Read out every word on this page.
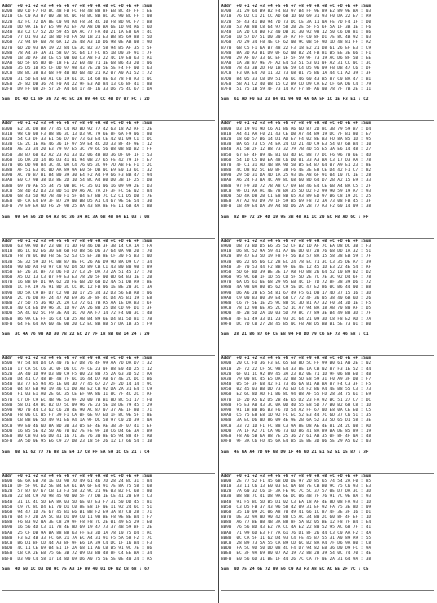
Addr  +0 +1 +2 +3 +4 +5 +6 +7 +8 +9 +A +B +C +D +E +F :Sum
B200  B0 CD F7 FD 8C 48 FB FC FB 48 B8 8F EB 8C 4F FF : EE
B210  CE C0 A3 87 00 3B 8C 0C FB BC 8B 8C 3C 90 BC FF : 08
B220  42 FC 72 DA 8E C0 94 A4 F8 34 4C 10 F8 8D 9C F7 : B8
B230  DD 9A 1E 67 E5 99 A1 EF 70 A8 D0 BA 6E 1D 94 A6 : 6D
B240  83 C2 C7 52 2D 59 45 DA AC 77 FA 40 21 1A E8 6A : 4C
B250  77 D1 93 32 1B 8D FD FA 50 1B 21 E3 BB 85 69 88 : 5D
B260  72 94 0F 6B 78 6A 12 2E 48 A3 1D D6 98 0E AB 08 : 9D
B270  6D 2D 93 BA 19 22 84 CE 3C 82 37 58 94 B5 AF 35 : 5F
B280  78 A4 3F 3A 31 58 07 5C 64 17 FC 85 1B D0 3F 91 : 7F
B290  1B 3D AF 38 CE C5 0B 60 C3 A8 F3 22 4C 19 E0 63 : A1
B2A0  6D 5F 05 8D 0F 18 FE 22 E0 40 71 1E 68 B6 43 20 : 06
B2B0  35 D5 10 A5 CF DD 97 98 43 7E 20 5E 5E F4 FF 00 : 63
B2C0  D8 BC 38 03 68 F9 40 8D 6B 4D 21 A2 07 A0 A1 52 : 72
B2D0  31 5D E4 E0 A1 C6 19 61 1C 14 68 8E 63 78 F8 A3 : 0C
B2E0  2F 82 DB 36 74 F0 A4 22 9F E3 AD 84 13 C6 BF 41 : 8B
B2F0  D9 FF 08 2F 57 2F A4 64 17 4F 16 33 D6 75 4C 67 : DA
Sum  DC 4D C1 BF 36 72 4C 5C 2A 09 44 CC 40 D7 07 FC : 2D
Addr  +0 +1 +2 +3 +4 +5 +6 +7 +8 +9 +A +B +C +D +E +F :Sum
B300  E2 3C D8 B8 77 45 C4 AD BD 92 77 42 63 18 A2 AF : 2E
B310  98 C0 08 F3 88 86 3C 13 D3 9C 79 6E 8F 6A F9 06 : 80
B320  54 C3 DF 33 E1 56 D7 07 73 63 E4 CE 42 01 09 C1 : DC
B330  CE 2C 1E AE 46 36 1F 97 59 E4 4C 2D 33 8F 4F 9E : 12
B340  AE 23 34 20 E3 79 97 E5 3C 79 6C 56 08 0B 8D B2 : FF
B350  3B B7 60 42 A2 23 A1 33 D2 06 48 BD 36 DF 0F 1F : 53
B360  16 DA 2D 14 86 D3 41 81 94 0B 27 65 FE 42 79 1F : E7
B370  06 DD 98 84 3C 4C 0A C4 76 05 3C 9F 7D AB FE F1 : 2C
B380  AF 51 E3 4C 0D AA 89 9A E0 5F DB 0C E9 E0 13 6C : 32
B390  AC 70 B7 81 84 B0 39 30 E4 F2 A4 F9 66 F3 BB 47 : 94
B3A0  E0 C7 9B 38 D3 8E 2D 10 54 BC A4 B0 D0 3B 1F 25 : DB
B3B0  69 70 AE 55 34 75 0B BC FC 35 01 06 16 09 99 2E : D3
B3C0  58 4D 42 D3 23 BD 51 D9 A6 AC 7A 2F 3F FC 5E 02 : 84
B3D0  68 43 5D 9D 7B 40 F1 5F 04 E7 B0 7C C2 C1 D5 DB : 7E
B3E0  0F CA E4 E9 3F B7 29 0B BB D5 A1 C4 67 9E 5E 54 : 30
B3F0  79 E9 EA 6D F6 2F 98 25 8A 43 8A 8E FE 11 6B 4A : BB
Sum  99 54 56 2D 64 A3 6C 36 34 AC 3A 6B 48 84 E1 03 : 08
Addr  +0 +1 +2 +3 +4 +5 +6 +7 +8 +9 +A +B +C +D +E +F :Sum
B400  63 9A 9D B7 23 0B 71 3D F0 46 DB 3F 3B 14 CA 1A : FA
B410  86 1C 82 E6 30 E8 60 FD 88 56 D6 37 64 0A 9B 20 : 70
B420  F8 78 0C B0 FB 5E 52 53 C5 EF 3B 8E CF 30 F5 B3 : 0D
B430  5E 32 59 1D FC BB 87 8E FC 26 A6 D9 9D 8A D9 C7 : 34
B440  90 BD A4 F0 97 C8 92 D4 5D 89 CB C1 43 B0 B0 9B : 89
B450  EF 26 3C BF 73 D6 FD 27 C3 2F DA 73 2A 51 45 17 : 70
B460  A5 D2 13 C3 07 F9 E3 E3 78 20 5F 00 0D 64 B3 1E : 2B
B470  16 BB 0F D1 9A 62 2D FE 6B 2D 60 D2 4A 51 DB A9 : BE
B480  1C FA 19 7E 91 8D 3C CC 8C 12 FB 06 1E BE 20 3C : 3A
B490  DD 5A C9 BF D7 C2 98 10 17 25 34 32 D3 56 EB A8 : 06
B4A0  2C 76 D0 AF 24 47 AD E9 36 3F 8F 4C D4 A5 B1 19 : E8
B4B0  27 5D 75 36 9D 2C 2A C3 72 61 7B A5 AA 1E DA B3 : 6F
B4C0  40 C4 E6 D9 96 3C 1D 97 2A 26 88 25 D8 CD 9F D1 : 3F
B4D0  5A 4C 02 5C F9 3E A4 1C 70 AA F7 14 72 F4 00 3C : 4B
B4E0  86 9A CE FF 16 C4 CB 25 AB B4 89 6E D4 B1 5D 81 : 7B
B4F0  64 FE 64 AA 60 4E 00 20 C2 EC 8B 8B 57 DA 1B 35 : F9
Sum  3C 4A 76 90 AD 30 7B 22 EC 27 7F 18 8B 6B 14 24 : 29
Addr  +0 +1 +2 +3 +4 +5 +6 +7 +8 +9 +A +B +C +D +E +F :Sum
B500  97 54 84 D4 CA 40 76 E7 D8 76 4F 99 AA 7D DA D7 : 32
B510  17 CA 5C C6 3C 0F D6 CC 7F CE 23 0F 88 E0 4D 25 : 12
B520  3A 40 1D 99 D3 B0 C9 F5 00 23 80 75 2A 63 3D 52 : AA
B530  D4 41 C7 48 BF 48 7F 6C 16 44 D7 AB 67 4E 2C DC : B6
B540  B3 77 E5 94 A5 1E 04 3D 77 45 67 27 2F 2D 14 14 : 9C
B550  04 87 EB 90 19 46 C1 D0 AB E2 CB 92 DA 2A 31 E4 : C9
B560  F1 03 E1 A0 2E 6C 35 CE EF 9A 86 11 8C 7F 4C 2C : AF
B570  C7 DF C9 EC 4B 9E 53 9F 20 00 7B B1 8D 8C 51 17 : F0
B580  58 D1 4A 8C 82 D7 5C 09 96 7E 23 5E 18 DE 79 45 : 29
B590  9D 70 44 C3 62 C6 28 4E 90 AC 87 07 37 AE 1F 80 : 71
B5A0  F8 06 CC 05 F7 39 F1 CA 0F 6E 97 ED 1F 8C 9E 5F : 8E
B5B0  CB BB 0E 5D 49 91 E6 A4 1A 9F DC 58 97 C0 2D 39 : 0A
B5C0  99 E0 46 6D 8A 8D 30 33 05 EF 4E AE 3B 3F 07 41 : EF
B5D0  16 B5 5E 42 50 A6 70 02 7E FE 9F 18 C6 D4 6E 3A : B9
B5E0  80 CB 93 E6 D0 41 16 71 3E 76 30 8E 65 94 88 4F : AB
B5F0  3A 5D 0E 95 E6 C9 27 DB 23 18 5F 26 12 17 66 54 : 1B
Sum  0B 51 62 77 7E 08 1E E4 17 C8 FF 5A 59 1C C5 21 : C4
Addr  +0 +1 +2 +3 +4 +5 +6 +7 +8 +9 +A +B +C +D +E +F :Sum
B600  6E 6A EB 78 1E D3 98 7D 49 61 46 7D 28 24 BC 31 : 84
B610  DF 5F 9C D2 5E B4 EA 61 BA 6F E4 91 7E 8A 75 58 : 68
B620  57 87 07 67 CB 13 F3 58 32 9C 21 9E 03 B2 FC 68 : 80
B630  22 B4 C9 70 98 45 9D 00 5F 77 DB 1E CE 41 20 E9 : C3
B640  31 1C 4C 5D EA 8A 03 5D 6E 07 E3 F7 31 50 DD 45 : 81
B650  C9 7C 8C D4 E1 70 D1 C0 8E E8 1F 0E 11 92 24 6C : 51
B660  94 47 1D 7E 67 45 B1 E6 B1 BB F2 E9 3A 87 C0 28 : 71
B670  04 F7 20 2A 5C B3 D1 09 C0 11 98 BE F8 9E 8E B4 : F7
B680  F6 B3 92 0A 3E C8 29 9F F8 F8 7C 2E 01 49 E5 29 : E0
B690  16 56 4D C3 11 78 4E 8D 69 19 47 73 37 4B 59 BF : 2E
B6A0  25 CF DB 9A BA 88 B8 63 FF E3 3D 1A 78 10 75 D4 : AC
B6B0  F3 E2 4B 33 FC 6A 21 7A EC A4 31 91 F5 5A 58 F2 : 7C
B6C0  B6 D1 BF CD 44 A3 BF 9F E6 1A 39 C4 DC 1F 16 B4 : F3
B6D0  4C 11 CE 69 04 E1 1F 2A 68 11 A6 CB B5 91 9C 7E : 86
B6E0  CB CA 2E EB 75 6E 3B 72 09 D3 B0 48 8F C4 EE BA : 34
B6F0  D3 90 C4 58 17 14 8D 69 D6 A0 75 5E 5E 0E 40 24 : A5
Sum  4D 50 1C D3 DB 9C 75 A3 1F 89 40 01 DF 02 C8 68 : 67
Addr  +0 +1 +2 +3 +4 +5 +6 +7 +8 +9 +A +B +C +D +E +F :Sum
B700  31 29 64 B9 82 F4 B3 97 B4 FF 9E 89 E2 89 9E BA : 03
B710  76 D2 C1 21 CC AD 6B 1D 60 69 31 93 F0 DA 22 E7 : A9
B720  5F 43 41 B0 94 7D 73 DC CE 3A 11 0A FE 7D F4 1F : D0
B730  53 A8 80 C8 64 97 58 2B 2E 5F F5 6F 5A 1F 3B 1E : F6
B740  1A 2D C4 B0 F2 40 DB 1C 30 92 98 12 50 C6 D8 81 : 86
B750  10 57 D7 51 D0 30 3F A7 FF C0 8F D1 7E 8C 4B 92 : 03
B760  7D 29 34 FB 4E CF 62 0B 9C 0B 5F 9D 1D 48 81 FF : A2
B770  6B C5 F1 6A B7 48 22 F3 18 E2 21 D8 61 26 EF E3 : C9
B780  8A 3D A3 B1 D9 0F 62 0B 82 24 FB 81 B5 EE 3E 66 : F1
B790  29 AF 07 33 6C EF 1F 5F 59 9F 73 19 AC D6 8F 5B : EE
B7A0  1A 3B 87 9E 7F A2 E4 53 51 53 01 0F A2 31 CC 0C : 3C
B7B0  78 43 3B 2D F0 1B 0E 59 C4 D5 96 09 FB DB 47 C6 : DF
B7C0  F3 0A E4 70 11 32 73 68 01 75 B6 1A 44 C1 A2 39 : 3F
B7D0  84 05 33 CB D9 51 A6 6C 46 60 43 B5 87 C0 BA 47 : B1
B7E0  5B A1 C2 40 08 15 C2 B9 CD D9 CA E2 CF 6A D6 C4 : 79
B7F0  51 75 1B 59 4F 73 14 A7 F7 8F A6 0B 78 7F 7B 2E : 11
Sum  61 AD F0 E3 23 04 01 94 9D 4A 6A 5F 1C 1E F3 E1 : C2
Addr  +0 +1 +2 +3 +4 +5 +6 +7 +8 +9 +A +B +C +D +E +F :Sum
B800  D3 19 91 9D C6 A1 B6 A6 6D 87 2D 8C 3B 79 59 B7 : D4
B810  A4 41 AA F0 21 43 CE DB A7 44 B9 19 DC 7F B1 80 : E7
B820  18 6D 57 B6 14 D1 AD E7 F4 02 8E B3 FD 8A 85 1D : 95
B830  BA 65 73 C5 74 EA 24 CD 21 4D C9 E3 54 07 6B B4 : 10
B840  A1 5B 2F 12 88 73 32 79 7B 4D 55 E5 3A E6 14 48 : 27
B850  67 EF 4F 09 4E B1 03 4D EC 88 77 DC F6 96 70 6E : 4D
B860  54 1D C5 00 EA 48 C6 D0 01 33 A3 BA C3 17 D3 AA : 78
B870  4F C1 31 AD 4B 8A 9D 5B B5 E4 B7 64 07 A9 E1 23 : 8E
B880  4C D8 82 5C E0 BF 38 F6 4E 3E E8 CE D4 42 F1 C7 : 82
B890  29 5D 31 DA 4D 1A 25 93 DE A8 6F 91 04 10 7C 1E : 28
B8A0  A6 24 F3 0A 4C A9 8C 68 60 8D 64 D7 2B A2 15 E9 : 33
B8B0  97 F9 3D 72 7B A8 C7 69 EB 46 E4 CE 6B A4 BA C5 : 2F
B8C0  9F D1 AA AC 4E 78 BA 35 5D D2 F2 99 90 59 19 A7 : 93
B8D0  5D 4A D8 2B C1 E8 8B 65 A3 89 ED 97 B6 C8 19 2C : 25
B8E0  A7 A2 93 D9 79 1F 59 B5 69 F8 72 3A 73 08 FB 45 : 3F
B8F0  1B 49 E4 DA 39 A4 8D D6 2A 2B 77 A3 F2 60 14 09 : 38
Sum  82 0F 72 2F 4D 19 95 3B 48 A1 1C 20 EC FB AD 6C : FF
Addr  +0 +1 +2 +3 +4 +5 +6 +7 +8 +9 +A +B +C +D +E +F :Sum
B900  DB 73 BD D5 E6 35 52 CF B2 1D AF 7C EA D8 DC 3B : F3
B910  D6 8C 52 9A 59 41 A7 0E DD 07 28 76 68 DD 1A 32 : 51
B920  89 47 E3 5D 19 F8 FF 56 B3 57 8A 15 58 38 EB 59 : 7F
B930  06 22 05 66 C2 28 EC 24 78 EC 71 3C C3 35 DE A7 : 39
B940  3F 70 53 44 F2 8B 9F 6E 4E 12 45 1D E3 22 4E 54 : AF
B950  5D 6F BD 39 BE 3E 17 A8 FD B8 26 64 52 10 B9 02 : D2
B960  95 9C 6B 1F 1D 55 CD 5F 5D 2E 7C 7E 3C 92 D4 6F : 78
B970  6A D5 61 6E 68 29 95 EB 4C 1F 7D 72 8F 38 39 D6 : 72
B980  4A 98 0A 80 05 62 C9 5E DC 47 E2 86 0C B6 44 00 : B8
B990  D6 A6 28 E5 54 81 67 49 F5 61 D0 17 4D 37 15 16 : 3D
B9A0  C9 00 B3 00 39 E4 68 C7 72 4F 36 05 38 40 6B 6D : 26
B9B0  C6 7F 5E 1E 25 9C 88 5C 3D 81 A7 32 F0 34 3D 1E : F5
B9C0  78 12 98 6E A5 2C 52 1C A7 94 BA 18 AB 70 80 AF : D5
B9D0  4F 2B 5D 2A 10 03 5D 79 8C 77 89 3E B4 49 B8 3D : 7F
B9E0  4F E1 49 33 D1 23 93 2C 64 21 09 3D C8 F8 E2 AD : 7A
B9F0  DC 7D C0 27 2B 45 B5 0C FB AB D5 BB B1 5E 73 01 : B0
Sum  28 21 B6 87 6F C5 EB 94 F0 DD 79 C6 EF 73 46 58 : C1
Addr  +0 +1 +2 +3 +4 +5 +6 +7 +8 +9 +A +B +C +D +E +F :Sum
BA00  20 CC FD 36 F3 EC 65 EB 8D 5C FF 99 B0 61 A0 2E : 02
BA10  2F 72 22 CF 5C 98 E4 33 8E 1A CB 02 87 F3 1E 52 : 44
BA20  6F 01 1C 92 89 45 3A 23 82 0E 71 1D 9F 06 B8 E0 : 4B
BA30  79 00 8C 45 E5 DA 32 8B 5D E8 59 31 F0 A9 3F DB : F7
BA40  05 5F 3F 68 42 F1 73 46 6A B1 AB BA 87 F4 C3 3F : F5
BA50  02 45 03 BB DD 73 A1 ED C4 F2 B6 A4 4E B8 55 C3 : 73
BA60  E2 6C 8D AD F1 B6 8C 94 08 AF 55 FD 28 34 75 61 : E9
BA70  1F 2D A5 62 D5 2B 4E 65 D2 23 FA 92 BC 51 27 C7 : DC
BA80  F5 E3 A0 43 3C 0A 0D 40 55 E8 5D 77 B0 B2 68 C8 : 1D
BA90  91 1B BB B6 B3 F6 7D 54 A2 FF 67 0D E8 0A CE E0 : C5
BAA0  C5 75 E8 E8 1D 92 FC EC 52 E3 44 7C 6D 37 C6 51 : 35
BAB0  3A EC D6 0D 86 09 4E 9E 2B 6A 52 33 5D 65 D1 58 : 3E
BAC0  33 72 1D F1 FC 88 C3 9A 8E D8 AE 4E 81 24 2C 08 : AD
BAD0  7A 1F A2 71 CA 96 73 6D 86 41 8A 89 BA DE 85 89 : 19
BAE0  F8 A6 5B 6A 88 7E 25 36 27 61 AB 35 0F 8F 4F 0A : 48
BAF0  9F 3A C6 FD 45 6A E4 B5 1E BE 3D 06 5E 29 A5 62 : 03
Sum  45 6A A4 7D 9F 6B D9 1F 46 6D 21 E1 52 51 15 B7 : 3F
Addr  +0 +1 +2 +3 +4 +5 +6 +7 +8 +9 +A +B +C +D +E +F :Sum
BB00  2E 77 52 F1 45 6B DD DE 97 2D 85 65 74 54 2A F0 : 85
BB10  33 11 C6 13 E0 03 EC 0A 68 7E CB B0 9C 75 C6 93 : E3
BB20  7A 60 32 C6 1F 3A FE 9C 7C 5C 37 57 0E D7 DA 3C : 3D
BB30  B8 8B 7C 41 D8 9A 6E DC 06 4B 7F 76 91 7C 9E 8A : 93
BB40  91 F5 BC 5D B5 D1 02 C3 EA 18 AF 4E 8D 08 FA 93 : 1D
BB50  C3 D5 FB 37 43 96 58 42 09 31 EF 92 FA 75 3E 8D : 09
BB60  35 10 09 2C 06 A8 70 49 41 66 1C 87 4F 3E 3F 16 : D1
BB70  DE 32 9A 0D 90 42 88 C5 AC 34 B0 2C 60 8F 4F EF : 1D
BB80  A6 77 BE 0B 4B 3A B8 8F 5A B2 05 BE 12 F8 7F B4 : E4
BB90  76 56 BD 43 E2 7A CC 4A E2 22 80 52 95 AC 68 7F : 41
BBA0  71 99 6D E3 F7 7A 61 76 D1 8F 26 44 C3 C0 AA F2 : 4A
BBB0  0C CA 5F 11 62 D4 93 C4 FE 45 B7 55 31 A0 89 A9 : 55
BBC0  28 B9 73 5A 55 CA B9 CD 6C B2 8A A4 7F D6 9A 80 : C8
BBD0  FA 5C 9D 50 DD 08 4C F4 D7 94 82 EB 36 D0 D9 FC : 9A
BBE0  EC 3F 9A 69 80 07 A2 19 72 8B 28 39 54 0C 74 70 : 4E
BBF0  E0 56 6D 31 BE 1F 44 26 7C CA 7F 0E 2A 31 64 9A : 38
Sum  0D 75 24 6E 72 09 56 C9 A3 F3 A8 EC AC EE 2F 7C : C5
